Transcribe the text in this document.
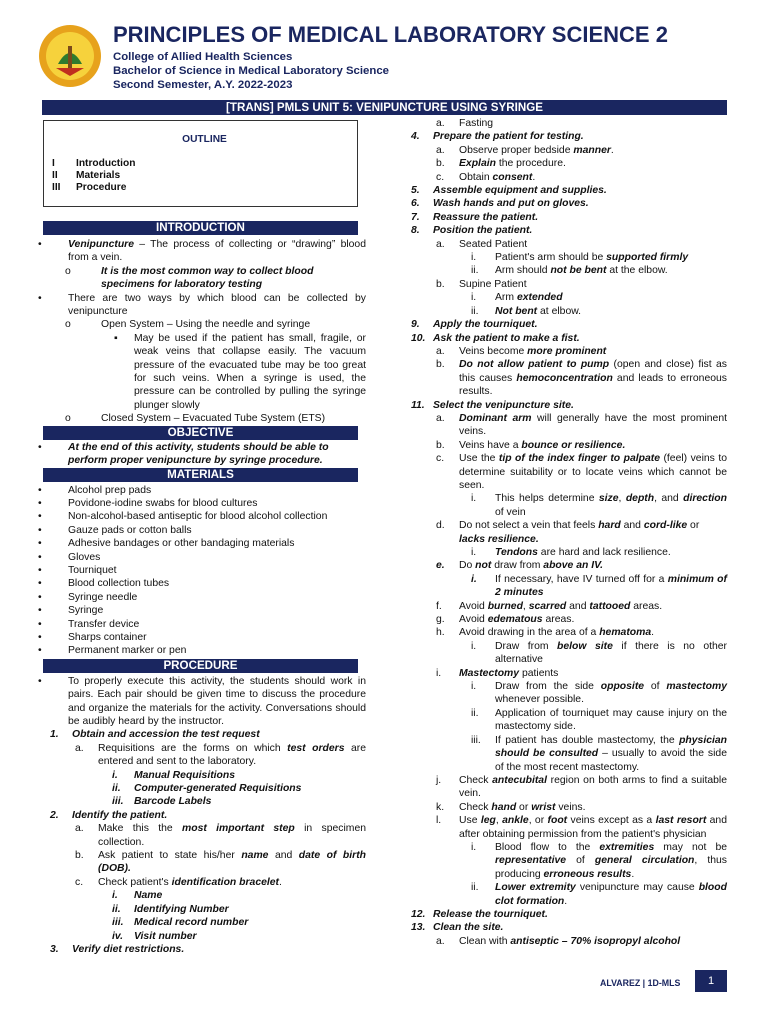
PRINCIPLES OF MEDICAL LABORATORY SCIENCE 2
College of Allied Health Sciences
Bachelor of Science in Medical Laboratory Science
Second Semester, A.Y. 2022-2023
[TRANS] PMLS UNIT 5: VENIPUNCTURE USING SYRINGE
OUTLINE
I	Introduction
II	Materials
III	Procedure
INTRODUCTION
•	Venipuncture – The process of collecting or “drawing” blood from a vein.
o	It is the most common way to collect blood specimens for laboratory testing
•	There are two ways by which blood can be collected by venipuncture
o	Open System – Using the needle and syringe
▪	May be used if the patient has small, fragile, or weak veins that collapse easily. The vacuum pressure of the evacuated tube may be too great for such veins. When a syringe is used, the pressure can be controlled by pulling the syringe plunger slowly
o	Closed System – Evacuated Tube System (ETS)
OBJECTIVE
•	At the end of this activity, students should be able to perform proper venipuncture by syringe procedure.
MATERIALS
•	Alcohol prep pads
•	Povidone-iodine swabs for blood cultures
•	Non-alcohol-based antiseptic for blood alcohol collection
•	Gauze pads or cotton balls
•	Adhesive bandages or other bandaging materials
•	Gloves
•	Tourniquet
•	Blood collection tubes
•	Syringe needle
•	Syringe
•	Transfer device
•	Sharps container
•	Permanent marker or pen
PROCEDURE
•	To properly execute this activity, the students should work in pairs. Each pair should be given time to discuss the procedure and organize the materials for the activity. Conversations should be audibly heard by the instructor.
1.	Obtain and accession the test request
a.	Requisitions are the forms on which test orders are entered and sent to the laboratory.
i.	Manual Requisitions
ii.	Computer-generated Requisitions
iii.	Barcode Labels
2.	Identify the patient.
a.	Make this the most important step in specimen collection.
b.	Ask patient to state his/her name and date of birth (DOB).
c.	Check patient's identification bracelet.
i.	Name
ii.	Identifying Number
iii.	Medical record number
iv.	Visit number
3.	Verify diet restrictions.
a.	Fasting
4.	Prepare the patient for testing.
a.	Observe proper bedside manner.
b.	Explain the procedure.
c.	Obtain consent.
5.	Assemble equipment and supplies.
6.	Wash hands and put on gloves.
7.	Reassure the patient.
8.	Position the patient.
a.	Seated Patient
i.	Patient's arm should be supported firmly
ii.	Arm should not be bent at the elbow.
b.	Supine Patient
i.	Arm extended
ii.	Not bent at elbow.
9.	Apply the tourniquet.
10. Ask the patient to make a fist.
a.	Veins become more prominent
b.	Do not allow patient to pump (open and close) fist as this causes hemoconcentration and leads to erroneous results.
11. Select the venipuncture site.
a.	Dominant arm will generally have the most prominent veins.
b.	Veins have a bounce or resilience.
c.	Use the tip of the index finger to palpate (feel) veins to determine suitability or to locate veins which cannot be seen.
i.	This helps determine size, depth, and direction of vein
d.	Do not select a vein that feels hard and cord-like or lacks resilience.
i.	Tendons are hard and lack resilience.
e.	Do not draw from above an IV.
i.	If necessary, have IV turned off for a minimum of 2 minutes
f.	Avoid burned, scarred and tattooed areas.
g.	Avoid edematous areas.
h.	Avoid drawing in the area of a hematoma.
i.	Draw from below site if there is no other alternative
i.	Mastectomy patients
i.	Draw from the side opposite of mastectomy whenever possible.
ii.	Application of tourniquet may cause injury on the mastectomy side.
iii.	If patient has double mastectomy, the physician should be consulted – usually to avoid the side of the most recent mastectomy.
j.	Check antecubital region on both arms to find a suitable vein.
k.	Check hand or wrist veins.
l.	Use leg, ankle, or foot veins except as a last resort and after obtaining permission from the patient's physician
i.	Blood flow to the extremities may not be representative of general circulation, thus producing erroneous results.
ii.	Lower extremity venipuncture may cause blood clot formation.
12. Release the tourniquet.
13. Clean the site.
a.	Clean with antiseptic – 70% isopropyl alcohol
ALVAREZ | 1D-MLS	1
